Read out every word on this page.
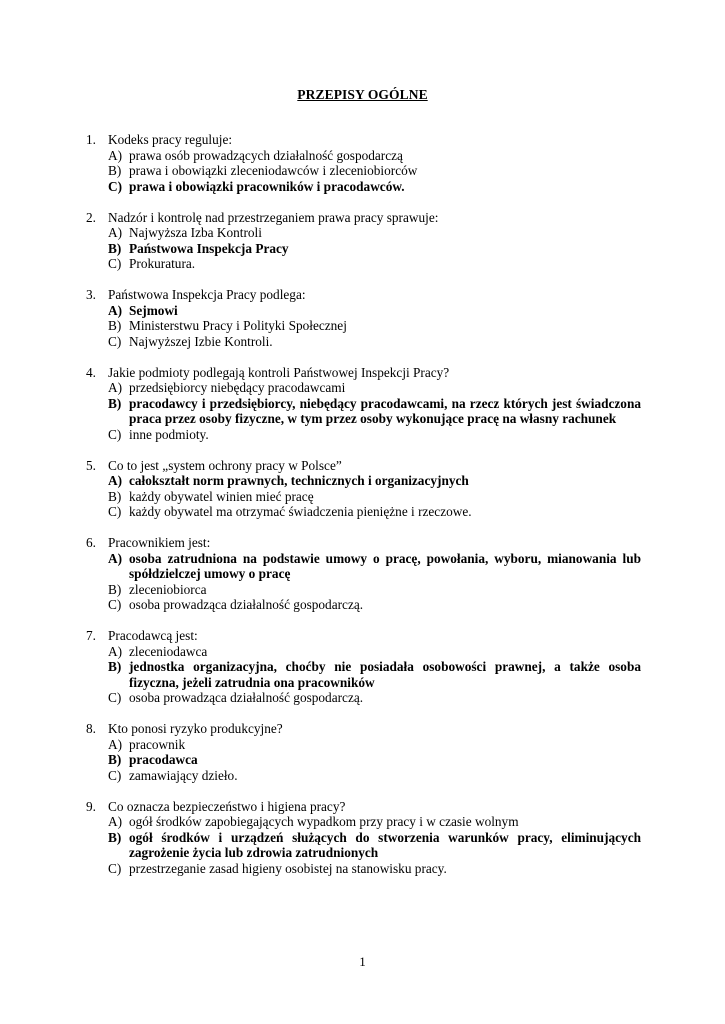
PRZEPISY OGÓLNE
1. Kodeks pracy reguluje:
A) prawa osób prowadzących działalność gospodarczą
B) prawa i obowiązki zleceniodawców i zleceniobiorców
C) prawa i obowiązki pracowników i pracodawców.
2. Nadzór i kontrolę nad przestrzeganiem prawa pracy sprawuje:
A) Najwyższa Izba Kontroli
B) Państwowa Inspekcja Pracy
C) Prokuratura.
3. Państwowa Inspekcja Pracy podlega:
A) Sejmowi
B) Ministerstwu Pracy i Polityki Społecznej
C) Najwyższej Izbie Kontroli.
4. Jakie podmioty podlegają kontroli Państwowej Inspekcji Pracy?
A) przedsiębiorcy niebędący pracodawcami
B) pracodawcy i przedsiębiorcy, niebędący pracodawcami, na rzecz których jest świadczona praca przez osoby fizyczne, w tym przez osoby wykonujące pracę na własny rachunek
C) inne podmioty.
5. Co to jest „system ochrony pracy w Polsce”
A) całokształt norm prawnych, technicznych i organizacyjnych
B) każdy obywatel winien mieć pracę
C) każdy obywatel ma otrzymać świadczenia pieniężne i rzeczowe.
6. Pracownikiem jest:
A) osoba zatrudniona na podstawie umowy o pracę, powołania, wyboru, mianowania lub spółdzielczej umowy o pracę
B) zleceniobiorca
C) osoba prowadząca działalność gospodarczą.
7. Pracodawcą jest:
A) zleceniodawca
B) jednostka organizacyjna, choćby nie posiadała osobowości prawnej, a także osoba fizyczna, jeżeli zatrudnia ona pracowników
C) osoba prowadząca działalność gospodarczą.
8. Kto ponosi ryzyko produkcyjne?
A) pracownik
B) pracodawca
C) zamawiający dzieło.
9. Co oznacza bezpieczeństwo i higiena pracy?
A) ogół środków zapobiegających wypadkom przy pracy i w czasie wolnym
B) ogół środków i urządzeń służących do stworzenia warunków pracy, eliminujących zagrożenie życia lub zdrowia zatrudnionych
C) przestrzeganie zasad higieny osobistej na stanowisku pracy.
1
